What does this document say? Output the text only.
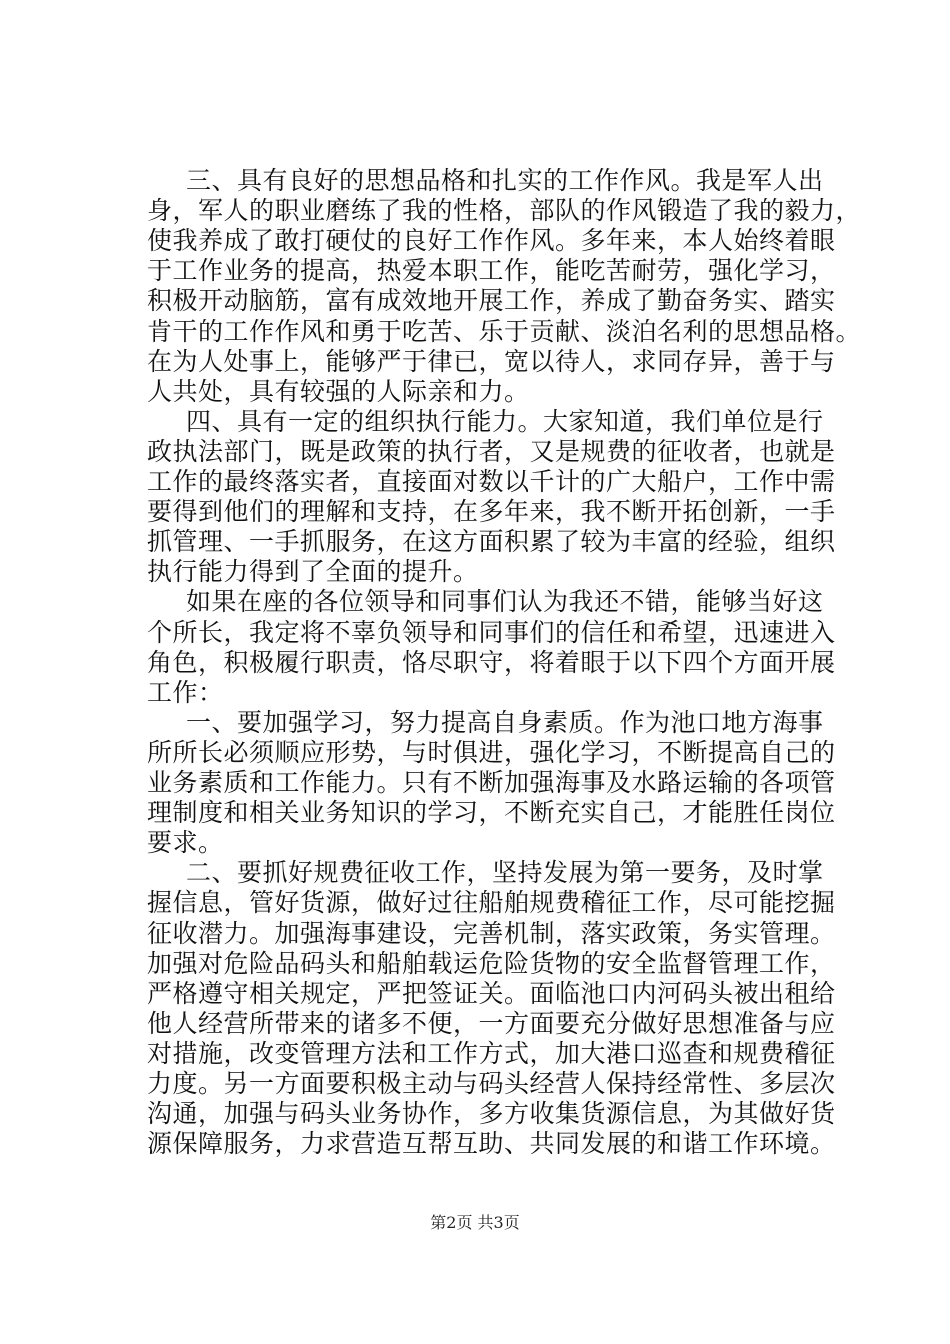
三、具有良好的思想品格和扎实的工作作风。我是军人出
身，军人的职业磨练了我的性格，部队的作风锻造了我的毅力，
使我养成了敢打硬仗的良好工作作风。多年来，本人始终着眼
于工作业务的提高，热爱本职工作，能吃苦耐劳，强化学习，
积极开动脑筋，富有成效地开展工作，养成了勤奋务实、踏实
肯干的工作作风和勇于吃苦、乐于贡献、淡泊名利的思想品格。
在为人处事上，能够严于律已，宽以待人，求同存异，善于与
人共处，具有较强的人际亲和力。
四、具有一定的组织执行能力。大家知道，我们单位是行
政执法部门，既是政策的执行者，又是规费的征收者，也就是
工作的最终落实者，直接面对数以千计的广大船户，工作中需
要得到他们的理解和支持，在多年来，我不断开拓创新，一手
抓管理、一手抓服务，在这方面积累了较为丰富的经验，组织
执行能力得到了全面的提升。
如果在座的各位领导和同事们认为我还不错，能够当好这
个所长，我定将不辜负领导和同事们的信任和希望，迅速进入
角色，积极履行职责，恪尽职守，将着眼于以下四个方面开展
工作：
一、要加强学习，努力提高自身素质。作为池口地方海事
所所长必须顺应形势，与时俱进，强化学习，不断提高自己的
业务素质和工作能力。只有不断加强海事及水路运输的各项管
理制度和相关业务知识的学习，不断充实自己，才能胜任岗位
要求。
二、要抓好规费征收工作，坚持发展为第一要务，及时掌
握信息，管好货源，做好过往船舶规费稽征工作，尽可能挖掘
征收潜力。加强海事建设，完善机制，落实政策，务实管理。
加强对危险品码头和船舶载运危险货物的安全监督管理工作，
严格遵守相关规定，严把签证关。面临池口内河码头被出租给
他人经营所带来的诸多不便，一方面要充分做好思想准备与应
对措施，改变管理方法和工作方式，加大港口巡查和规费稽征
力度。另一方面要积极主动与码头经营人保持经常性、多层次
沟通，加强与码头业务协作，多方收集货源信息，为其做好货
源保障服务，力求营造互帮互助、共同发展的和谐工作环境。
第2页 共3页
